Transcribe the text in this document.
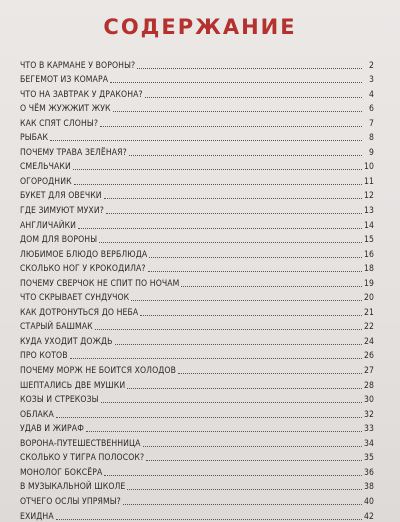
СОДЕРЖАНИЕ
ЧТО В КАРМАНЕ У ВОРОНЫ?	2
БЕГЕМОТ ИЗ КОМАРА	3
ЧТО НА ЗАВТРАК У ДРАКОНА?	4
О ЧЁМ ЖУЖЖИТ ЖУК	6
КАК СПЯТ СЛОНЫ?	7
РЫБАК	8
ПОЧЕМУ ТРАВА ЗЕЛЁНАЯ?	9
СМЕЛЬЧАКИ	10
ОГОРОДНИК	11
БУКЕТ ДЛЯ ОВЕЧКИ	12
ГДЕ ЗИМУЮТ МУХИ?	13
АНГЛИЧАЙКИ	14
ДОМ ДЛЯ ВОРОНЫ	15
ЛЮБИМОЕ БЛЮДО ВЕРБЛЮДА	16
СКОЛЬКО НОГ У КРОКОДИЛА?	18
ПОЧЕМУ СВЕРЧОК НЕ СПИТ ПО НОЧАМ	19
ЧТО СКРЫВАЕТ СУНДУЧОК	20
КАК ДОТРОНУТЬСЯ ДО НЕБА	21
СТАРЫЙ БАШМАК	22
КУДА УХОДИТ ДОЖДЬ	24
ПРО КОТОВ	26
ПОЧЕМУ МОРЖ НЕ БОИТСЯ ХОЛОДОВ	27
ШЕПТАЛИСЬ ДВЕ МУШКИ	28
КОЗЫ И СТРЕКОЗЫ	30
ОБЛАКА	32
УДАВ И ЖИРАФ	33
ВОРОНА-ПУТЕШЕСТВЕННИЦА	34
СКОЛЬКО У ТИГРА ПОЛОСОК?	35
МОНОЛОГ БОКСЁРА	36
В МУЗЫКАЛЬНОЙ ШКОЛЕ	38
ОТЧЕГО ОСЛЫ УПРЯМЫ?	40
ЕХИДНА	42
